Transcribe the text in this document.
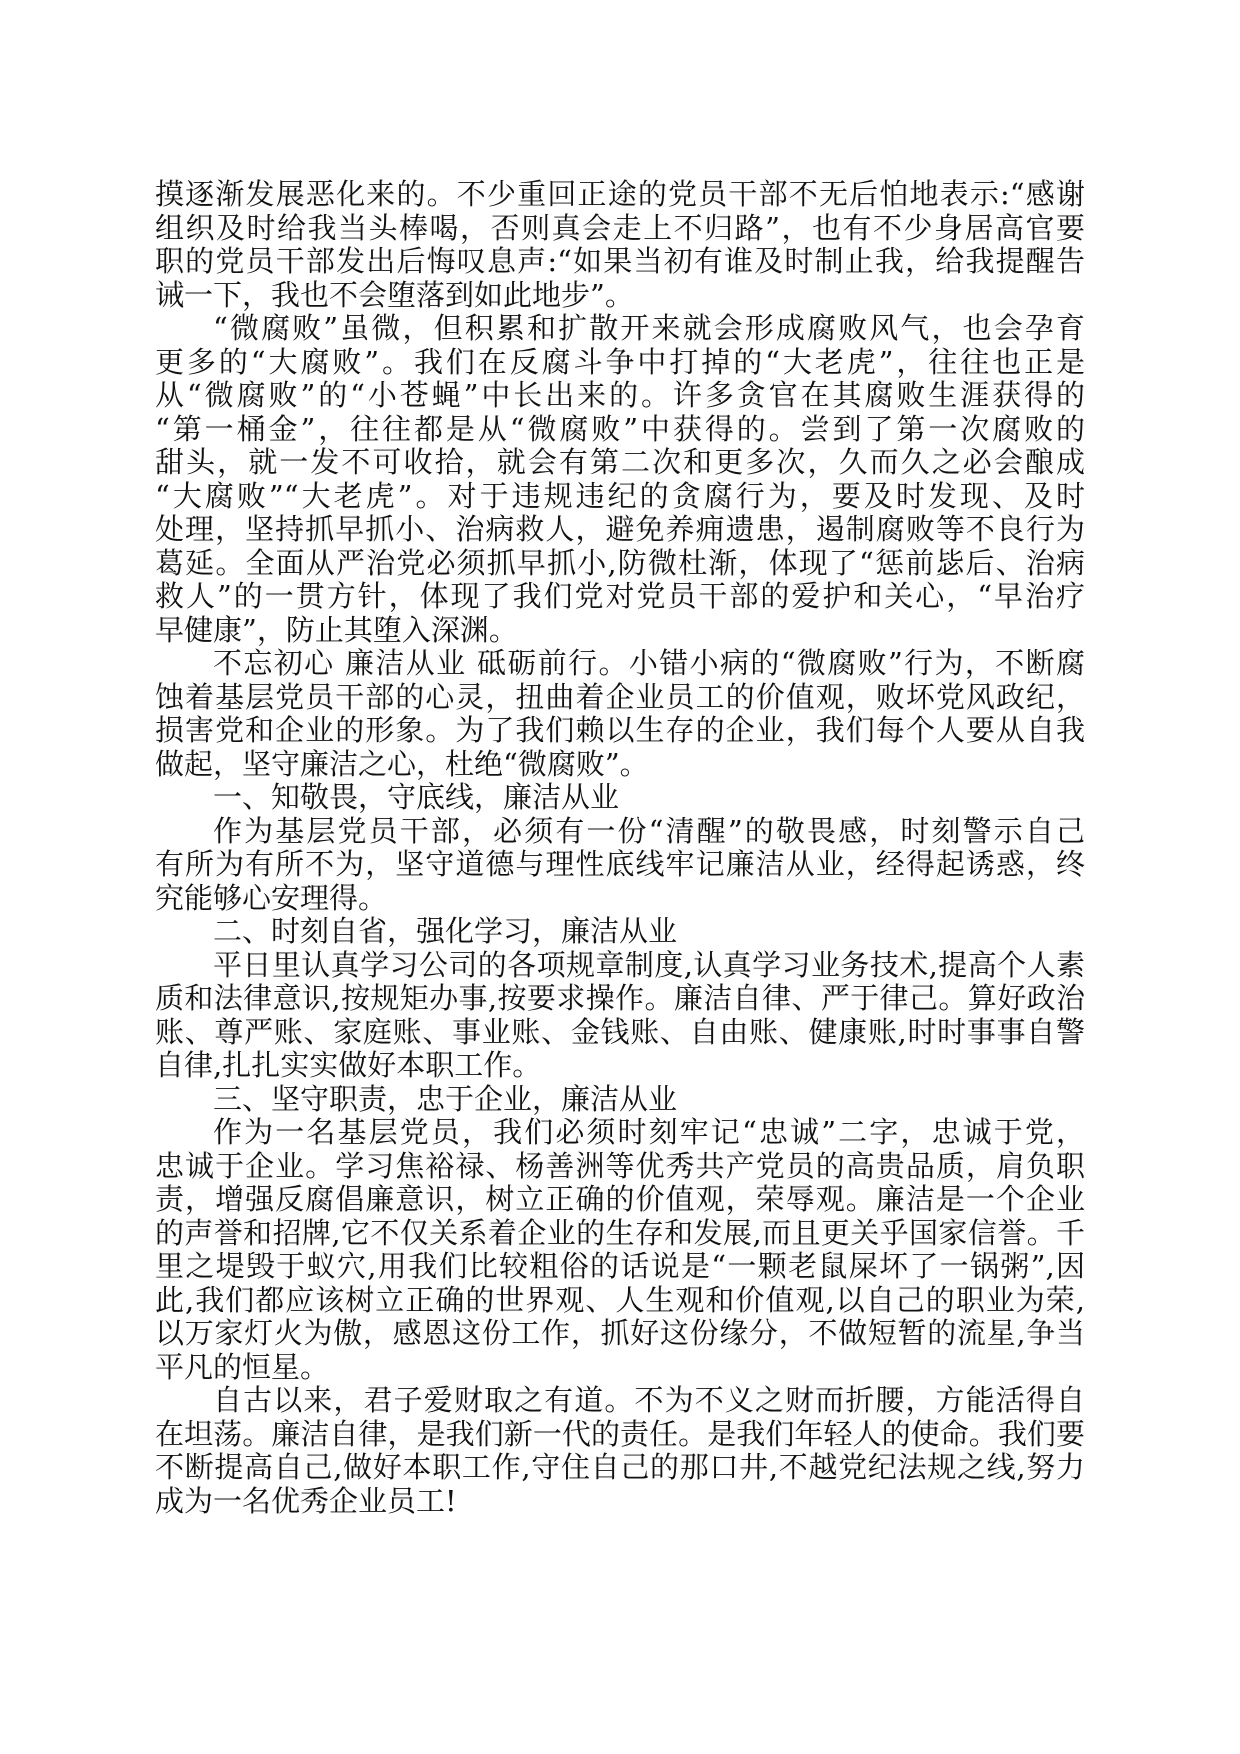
摸逐渐发展恶化来的。不少重回正途的党员干部不无后怕地表示:“感谢
组织及时给我当头棒喝，否则真会走上不归路”，也有不少身居高官要
职的党员干部发出后悔叹息声:“如果当初有谁及时制止我，给我提醒告
诫一下，我也不会堕落到如此地步”。
“微腐败”虽微，但积累和扩散开来就会形成腐败风气，也会孕育
更多的“大腐败”。我们在反腐斗争中打掉的“大老虎”，往往也正是
从“微腐败”的“小苍蝇”中长出来的。许多贪官在其腐败生涯获得的
“第一桶金”，往往都是从“微腐败”中获得的。尝到了第一次腐败的
甜头，就一发不可收拾，就会有第二次和更多次，久而久之必会酿成
“大腐败”“大老虎”。对于违规违纪的贪腐行为，要及时发现、及时
处理，坚持抓早抓小、治病救人，避免养痈遗患，遏制腐败等不良行为
葛延。全面从严治党必须抓早抓小,防微杜渐，体现了“惩前毖后、治病
救人”的一贯方针，体现了我们党对党员干部的爱护和关心，“早治疗
早健康”，防止其堕入深渊。
不忘初心 廉洁从业 砥砺前行。小错小病的“微腐败”行为，不断腐
蚀着基层党员干部的心灵，扭曲着企业员工的价值观，败坏党风政纪，
损害党和企业的形象。为了我们赖以生存的企业，我们每个人要从自我
做起，坚守廉洁之心，杜绝“微腐败”。
一、知敬畏，守底线，廉洁从业
作为基层党员干部，必须有一份“清醒”的敬畏感，时刻警示自己
有所为有所不为，坚守道德与理性底线牢记廉洁从业，经得起诱惑，终
究能够心安理得。
二、时刻自省，强化学习，廉洁从业
平日里认真学习公司的各项规章制度,认真学习业务技术,提高个人素
质和法律意识,按规矩办事,按要求操作。廉洁自律、严于律己。算好政治
账、尊严账、家庭账、事业账、金钱账、自由账、健康账,时时事事自警
自律,扎扎实实做好本职工作。
三、坚守职责，忠于企业，廉洁从业
作为一名基层党员，我们必须时刻牢记“忠诚”二字，忠诚于党，
忠诚于企业。学习焦裕禄、杨善洲等优秀共产党员的高贵品质，肩负职
责，增强反腐倡廉意识，树立正确的价值观，荣辱观。廉洁是一个企业
的声誉和招牌,它不仅关系着企业的生存和发展,而且更关乎国家信誉。千
里之堤毁于蚁穴,用我们比较粗俗的话说是“一颗老鼠屎坏了一锅粥”,因
此,我们都应该树立正确的世界观、人生观和价值观,以自己的职业为荣,
以万家灯火为傲，感恩这份工作，抓好这份缘分，不做短暂的流星,争当
平凡的恒星。
自古以来，君子爱财取之有道。不为不义之财而折腰，方能活得自
在坦荡。廉洁自律，是我们新一代的责任。是我们年轻人的使命。我们要
不断提高自己,做好本职工作,守住自己的那口井,不越党纪法规之线,努力
成为一名优秀企业员工!
